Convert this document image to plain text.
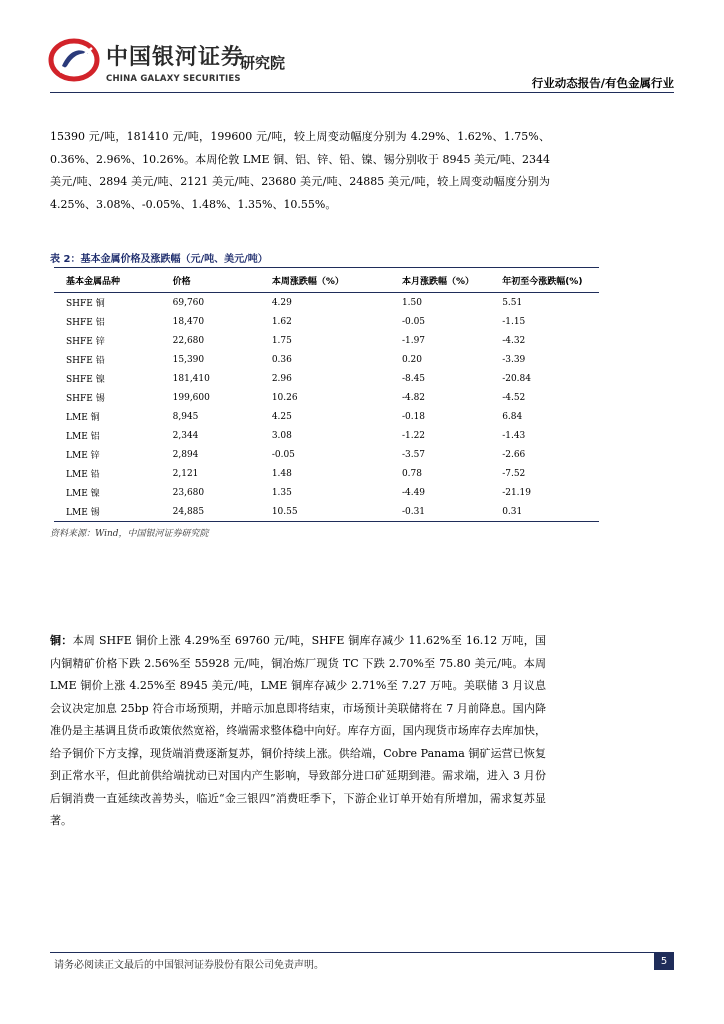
中国银河证券
CHINA GALAXY SECURITIES
研究院
行业动态报告/有色金属行业

15390 元/吨，181410 元/吨，199600 元/吨，较上周变动幅度分别为 4.29%、1.62%、1.75%、0.36%、2.96%、10.26%。本周伦敦 LME 铜、铝、锌、铅、镍、锡分别收于 8945 美元/吨、2344 美元/吨、2894 美元/吨、2121 美元/吨、23680 美元/吨、24885 美元/吨，较上周变动幅度分别为 4.25%、3.08%、-0.05%、1.48%、1.35%、10.55%。

表 2：基本金属价格及涨跌幅（元/吨、美元/吨）
基本金属品种	价格	本周涨跌幅（%）	本月涨跌幅（%）	年初至今涨跌幅(%)
SHFE 铜	69,760	4.29	1.50	5.51
SHFE 铝	18,470	1.62	-0.05	-1.15
SHFE 锌	22,680	1.75	-1.97	-4.32
SHFE 铅	15,390	0.36	0.20	-3.39
SHFE 镍	181,410	2.96	-8.45	-20.84
SHFE 锡	199,600	10.26	-4.82	-4.52
LME 铜	8,945	4.25	-0.18	6.84
LME 铝	2,344	3.08	-1.22	-1.43
LME 锌	2,894	-0.05	-3.57	-2.66
LME 铅	2,121	1.48	0.78	-7.52
LME 镍	23,680	1.35	-4.49	-21.19
LME 锡	24,885	10.55	-0.31	0.31
资料来源：Wind，中国银河证券研究院

铜：本周 SHFE 铜价上涨 4.29%至 69760 元/吨，SHFE 铜库存减少 11.62%至 16.12 万吨，国内铜精矿价格下跌 2.56%至 55928 元/吨，铜冶炼厂现货 TC 下跌 2.70%至 75.80 美元/吨。本周 LME 铜价上涨 4.25%至 8945 美元/吨，LME 铜库存减少 2.71%至 7.27 万吨。美联储 3 月议息会议决定加息 25bp 符合市场预期，并暗示加息即将结束，市场预计美联储将在 7 月前降息。国内降准仍是主基调且货币政策依然宽裕，终端需求整体稳中向好。库存方面，国内现货市场库存去库加快，给予铜价下方支撑，现货端消费逐渐复苏，铜价持续上涨。供给端，Cobre Panama 铜矿运营已恢复到正常水平，但此前供给端扰动已对国内产生影响，导致部分进口矿延期到港。需求端，进入 3 月份后铜消费一直延续改善势头，临近“金三银四”消费旺季下，下游企业订单开始有所增加，需求复苏显著。

请务必阅读正文最后的中国银河证券股份有限公司免责声明。	5
